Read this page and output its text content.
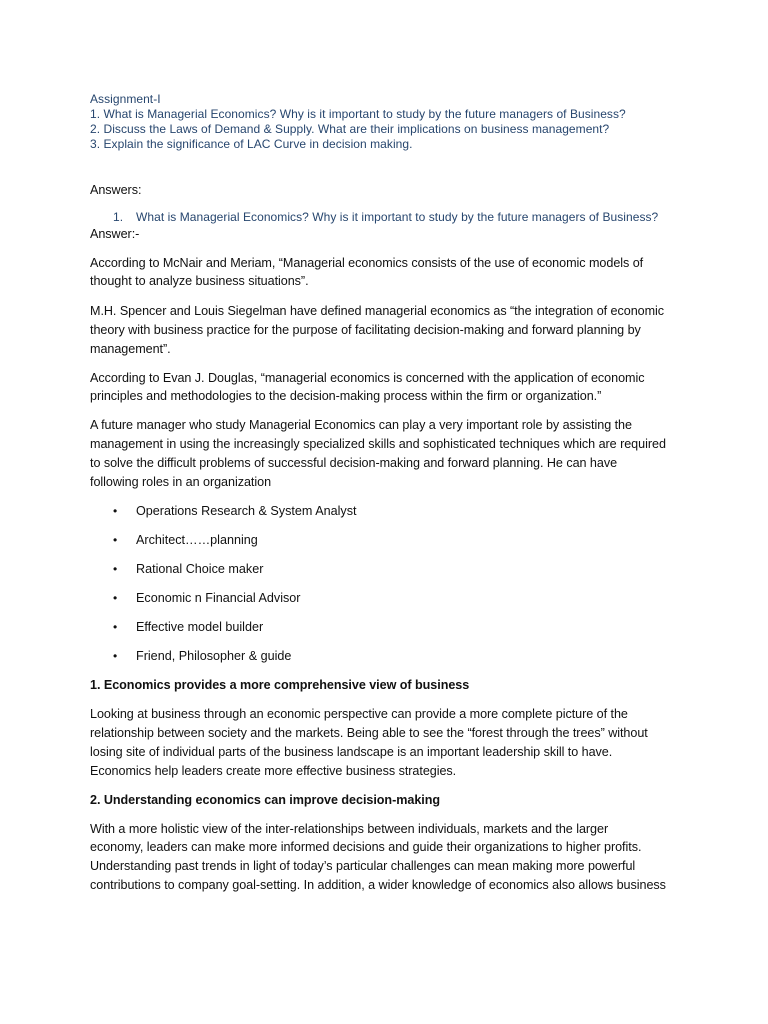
Assignment-I
1. What is Managerial Economics? Why is it important to study by the future managers of Business?
2. Discuss the Laws of Demand & Supply. What are their implications on business management?
3. Explain the significance of LAC Curve in decision making.
Answers:
1. What is Managerial Economics? Why is it important to study by the future managers of Business?
Answer:-
According to McNair and Meriam, “Managerial economics consists of the use of economic models of
thought to analyze business situations”.
M.H. Spencer and Louis Siegelman have defined managerial economics as “the integration of economic
theory with business practice for the purpose of facilitating decision-making and forward planning by
management”.
According to Evan J. Douglas, “managerial economics is concerned with the application of economic
principles and methodologies to the decision-making process within the firm or organization.”
A future manager who study Managerial Economics can play a very important role by assisting the
management in using the increasingly specialized skills and sophisticated techniques which are required
to solve the difficult problems of successful decision-making and forward planning. He can have
following roles in an organization
• Operations Research & System Analyst
• Architect……planning
• Rational Choice maker
• Economic n Financial Advisor
• Effective model builder
• Friend, Philosopher & guide
1. Economics provides a more comprehensive view of business
Looking at business through an economic perspective can provide a more complete picture of the
relationship between society and the markets. Being able to see the “forest through the trees” without
losing site of individual parts of the business landscape is an important leadership skill to have.
Economics help leaders create more effective business strategies.
2. Understanding economics can improve decision-making
With a more holistic view of the inter-relationships between individuals, markets and the larger
economy, leaders can make more informed decisions and guide their organizations to higher profits.
Understanding past trends in light of today’s particular challenges can mean making more powerful
contributions to company goal-setting. In addition, a wider knowledge of economics also allows business
